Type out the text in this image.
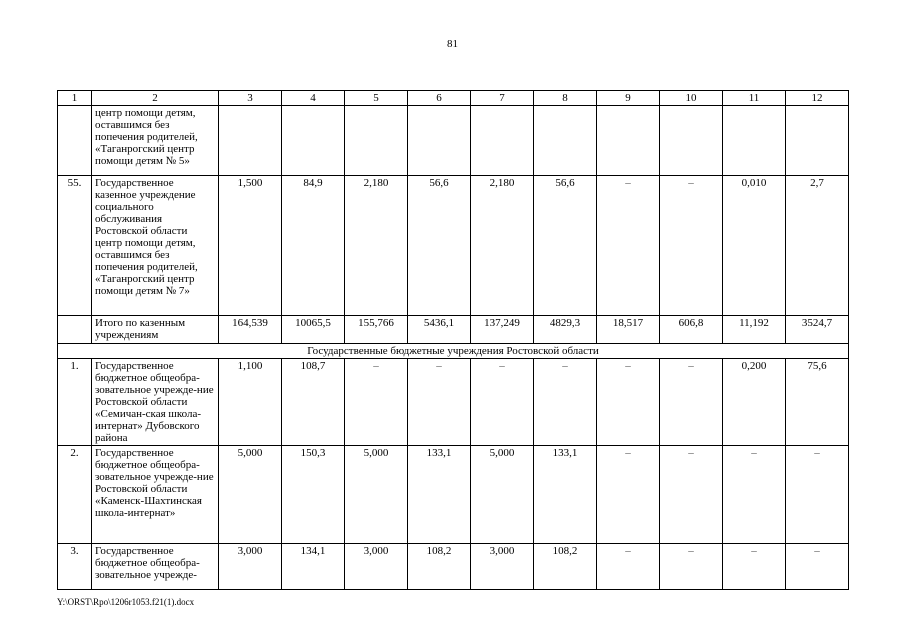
81
1	2	3	4	5	6	7	8	9	10	11	12
	центр помощи детям, оставшимся без попечения родителей, «Таганрогский центр помощи детям № 5»										
55.	Государственное казенное учреждение социального обслуживания Ростовской области центр помощи детям, оставшимся без попечения родителей, «Таганрогский центр помощи детям № 7»	1,500	84,9	2,180	56,6	2,180	56,6	–	–	0,010	2,7
	Итого по казенным учреждениям	164,539	10065,5	155,766	5436,1	137,249	4829,3	18,517	606,8	11,192	3524,7
Государственные бюджетные учреждения Ростовской области											
1.	Государственное бюджетное общеобра-зовательное учрежде-ние Ростовской области «Семичан-ская школа-интернат» Дубовского района	1,100	108,7	–	–	–	–	–	–	0,200	75,6
2.	Государственное бюджетное общеобра-зовательное учрежде-ние Ростовской области «Каменск-Шахтинская школа-интернат»	5,000	150,3	5,000	133,1	5,000	133,1	–	–	–	–
3.	Государственное бюджетное общеобра-зовательное учрежде-	3,000	134,1	3,000	108,2	3,000	108,2	–	–	–	–
Y:\ORST\Rpo\1206r1053.f21(1).docx
